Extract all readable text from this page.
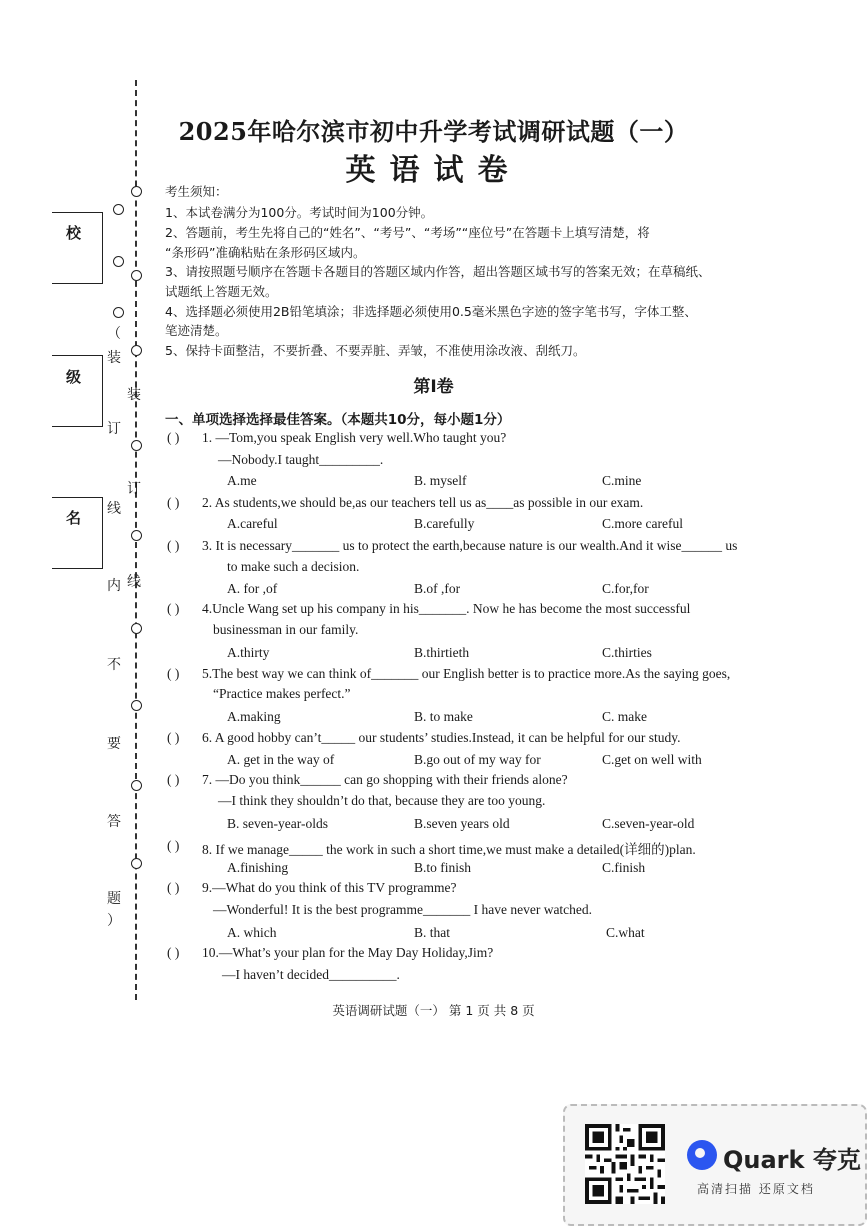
校
级
名
（
装
订
线
内
不
要
答
题
）
装
订
线
2025年哈尔滨市初中升学考试调研试题（一）
英语试卷
考生须知：
1、本试卷满分为100分。考试时间为100分钟。
2、答题前，考生先将自己的“姓名”、“考号”、“考场”“座位号”在答题卡上填写清楚，将
“条形码”准确粘贴在条形码区域内。
3、请按照题号顺序在答题卡各题目的答题区域内作答，超出答题区域书写的答案无效；在草稿纸、
试题纸上答题无效。
4、选择题必须使用2B铅笔填涂；非选择题必须使用0.5毫米黑色字迹的签字笔书写，字体工整、
笔迹清楚。
5、保持卡面整洁，不要折叠、不要弄脏、弄皱，不准使用涂改液、刮纸刀。
第Ⅰ卷
一、单项选择选择最佳答案。（本题共10分，每小题1分）
( ) 1. —Tom,you speak English very well.Who taught you?
—Nobody.I taught_________.
A.me	B. myself	C.mine
( ) 2. As students,we should be,as our teachers tell us as____as possible in our exam.
A.careful	B.carefully	C.more careful
( ) 3. It is necessary_______ us to protect the earth,because nature is our wealth.And it wise______ us
to make such a decision.
A. for ,of	B.of ,for	C.for,for
( ) 4.Uncle Wang set up his company in his_______. Now he has become the most successful
businessman in our family.
A.thirty	B.thirtieth	C.thirties
( ) 5.The best way we can think of_______ our English better is to practice more.As the saying goes,
“Practice makes perfect.”
A.making	B. to make	C. make
( ) 6. A good hobby can’t_____ our students’ studies.Instead, it can be helpful for our study.
A. get in the way of	B.go out of my way for	C.get on well with
( ) 7. —Do you think______ can go shopping with their friends alone?
—I think they shouldn’t do that, because they are too young.
B. seven-year-olds	B.seven years old	C.seven-year-old
( ) 8. If we manage_____ the work in such a short time,we must make a detailed(详细的)plan.
A.finishing	B.to finish	C.finish
( ) 9.—What do you think of this TV programme?
—Wonderful! It is the best programme_______ I have never watched.
A. which	B. that	C.what
( ) 10.—What’s your plan for the May Day Holiday,Jim?
—I haven’t decided__________.
英语调研试题（一） 第 1 页 共 8 页
Quark 夸克
高清扫描 还原文档
